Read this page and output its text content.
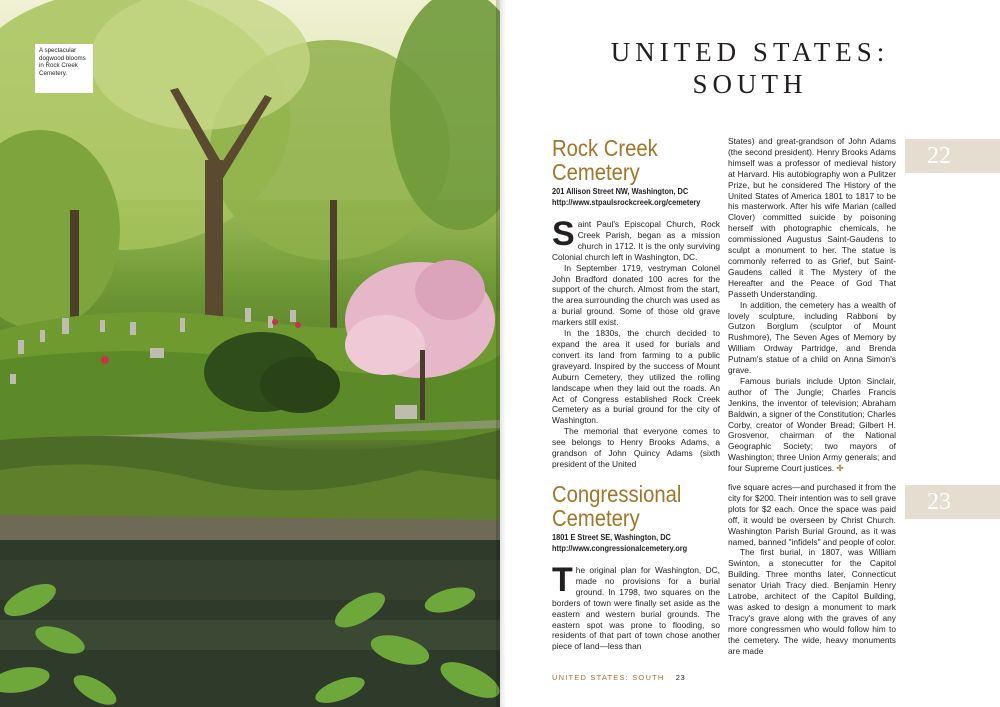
A spectacular dogwood blooms in Rock Creek Cemetery.
UNITED STATES:
SOUTH
22
Rock Creek
Cemetery
201 Allison Street NW, Washington, DC
http://www.stpaulsrockcreek.org/cemetery

Saint Paul's Episcopal Church, Rock Creek Parish, began as a mission church in 1712. It is the only surviving Colonial church left in Washington, DC.

In September 1719, vestryman Colonel John Bradford donated 100 acres for the support of the church. Almost from the start, the area surrounding the church was used as a burial ground. Some of those old grave markers still exist.

In the 1830s, the church decided to expand the area it used for burials and convert its land from farming to a public graveyard. Inspired by the success of Mount Auburn Cemetery, they utilized the rolling landscape when they laid out the roads. An Act of Congress established Rock Creek Cemetery as a burial ground for the city of Washington.

The memorial that everyone comes to see belongs to Henry Brooks Adams, a grandson of John Quincy Adams (sixth president of the United

States) and great-grandson of John Adams (the second president). Henry Brooks Adams himself was a professor of medieval history at Harvard. His autobiography won a Pulitzer Prize, but he considered The History of the United States of America 1801 to 1817 to be his masterwork. After his wife Marian (called Clover) committed suicide by poisoning herself with photographic chemicals, he commissioned Augustus Saint-Gaudens to sculpt a monument to her. The statue is commonly referred to as Grief, but Saint-Gaudens called it The Mystery of the Hereafter and the Peace of God That Passeth Understanding.

In addition, the cemetery has a wealth of lovely sculpture, including Rabboni by Gutzon Borglum (sculptor of Mount Rushmore), The Seven Ages of Memory by William Ordway Partridge, and Brenda Putnam's statue of a child on Anna Simon's grave.

Famous burials include Upton Sinclair, author of The Jungle; Charles Francis Jenkins, the inventor of television; Abraham Baldwin, a signer of the Constitution; Charles Corby, creator of Wonder Bread; Gilbert H. Grosvenor, chairman of the National Geographic Society; two mayors of Washington; three Union Army generals; and four Supreme Court justices. ✢

23
Congressional
Cemetery
1801 E Street SE, Washington, DC
http://www.congressionalcemetery.org

The original plan for Washington, DC, made no provisions for a burial ground. In 1798, two squares on the borders of town were finally set aside as the eastern and western burial grounds. The eastern spot was prone to flooding, so residents of that part of town chose another piece of land—less than

five square acres—and purchased it from the city for $200. Their intention was to sell grave plots for $2 each. Once the space was paid off, it would be overseen by Christ Church. Washington Parish Burial Ground, as it was named, banned "infidels" and people of color.

The first burial, in 1807, was William Swinton, a stonecutter for the Capitol Building. Three months later, Connecticut senator Uriah Tracy died. Benjamin Henry Latrobe, architect of the Capitol Building, was asked to design a monument to mark Tracy's grave along with the graves of any more congressmen who would follow him to the cemetery. The wide, heavy monuments are made

UNITED STATES: SOUTH 23
